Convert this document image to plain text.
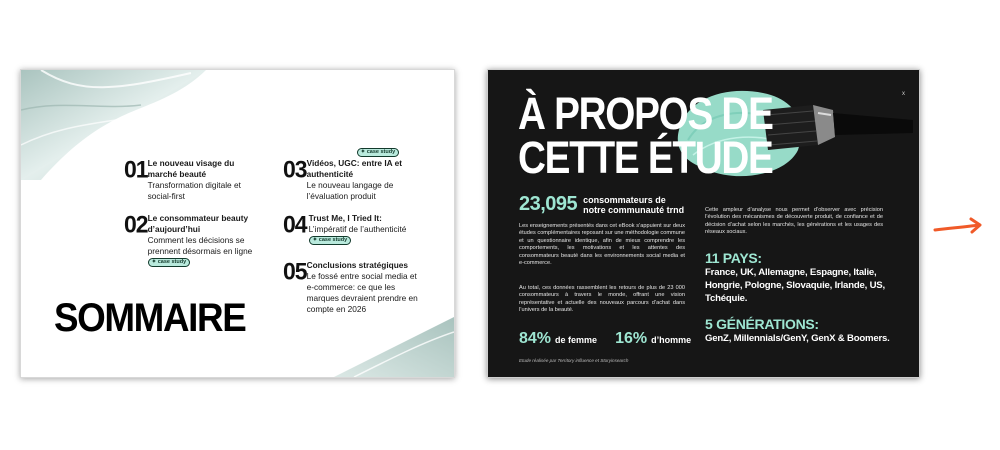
01 Le nouveau visage du marché beauté
Transformation digitale et social-first
02 Le consommateur beauty d’aujourd’hui
Comment les décisions se prennent désormais en ligne ✦ case study
03
✦ case study
Vidéos, UGC: entre IA et authenticité
Le nouveau langage de l’évaluation produit
04 Trust Me, I Tried It:
L’impératif de l’authenticité ✦ case study
05 Conclusions stratégiques
Le fossé entre social media et e-commerce: ce que les marques devraient prendre en compte en 2026
SOMMAIRE
x
À PROPOS DE
CETTE ÉTUDE
23,095 consommateurs de
notre communauté trnd
Les enseignements présentés dans cet eBook s’appuient sur deux études complémentaires reposant sur une méthodologie commune et un questionnaire identique, afin de mieux comprendre les comportements, les motivations et les attentes des consommateurs beauté dans les environnements social media et e-commerce.
Au total, ces données rassemblent les retours de plus de 23 000 consommateurs à travers le monde, offrant une vision représentative et actuelle des nouveaux parcours d’achat dans l’univers de la beauté.
84% de femme 16% d’homme
Etude réalisée par Territory influence et Storyinsearch
Cette ampleur d’analyse nous permet d’observer avec précision l’évolution des mécanismes de découverte produit, de confiance et de décision d’achat selon les marchés, les générations et les usages des réseaux sociaux.
11 PAYS:
France, UK, Allemagne, Espagne, Italie, Hongrie, Pologne, Slovaquie, Irlande, US, Tchéquie.
5 GÉNÉRATIONS:
GenZ, Millennials/GenY, GenX & Boomers.
